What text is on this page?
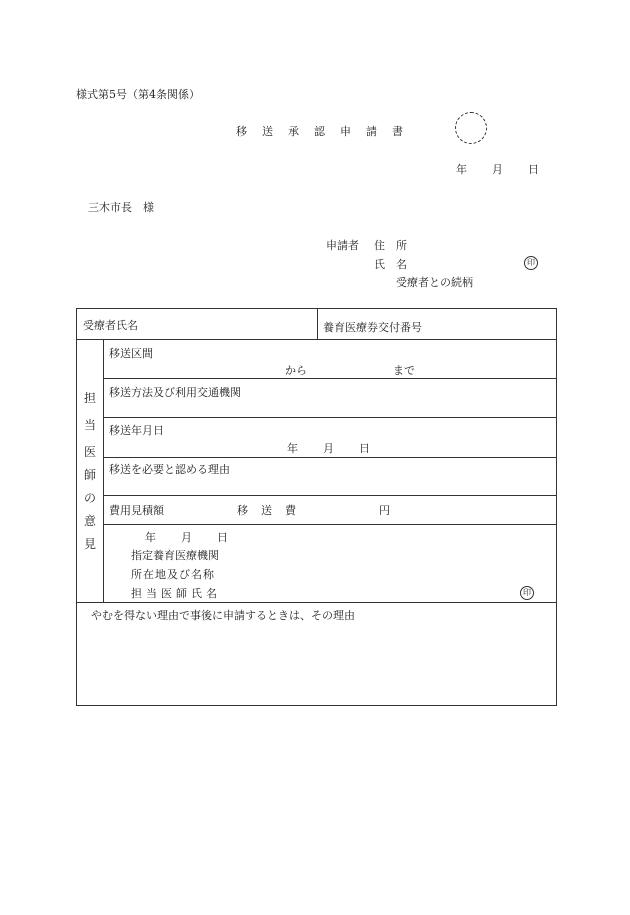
様式第5号（第4条関係）
移　送　承　認　申　請　書
年 月 日
三木市長　様
申請者 住　所
氏　名	印
受療者との続柄
受療者氏名	養育医療券交付番号
担
当
医
師
の
意
見
移送区間
から	まで
移送方法及び利用交通機関
移送年月日
年 月 日
移送を必要と認める理由
費用見積額	移　送　費	円
年 月 日
指定養育医療機関
所在地及び名称
担当医師氏名	印
やむを得ない理由で事後に申請するときは、その理由
